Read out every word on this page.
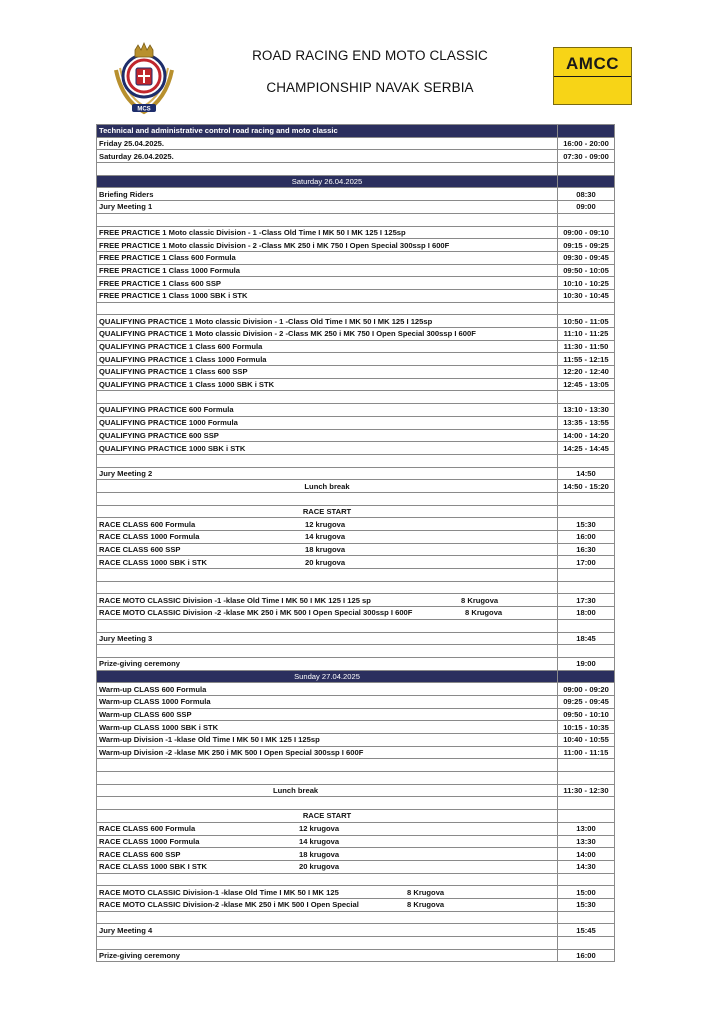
MCS
ROAD RACING END MOTO CLASSIC
CHAMPIONSHIP NAVAK SERBIA
AMCC
Technical and administrative control road racing and moto classic	
Friday 25.04.2025.	16:00 - 20:00
Saturday 26.04.2025.	07:30 - 09:00

Saturday 26.04.2025	
Briefing Riders	08:30
Jury Meeting 1	09:00

FREE PRACTICE 1 Moto classic Division - 1 -Class Old Time I MK 50 I MK 125 I 125sp	09:00 - 09:10
FREE PRACTICE 1 Moto classic Division - 2 -Class MK 250 i MK 750 I Open Special 300ssp I 600F	09:15 - 09:25
FREE PRACTICE 1 Class 600 Formula	09:30 - 09:45
FREE PRACTICE 1 Class 1000 Formula	09:50 - 10:05
FREE PRACTICE 1 Class 600 SSP	10:10 - 10:25
FREE PRACTICE 1 Class 1000 SBK i STK	10:30 - 10:45

QUALIFYING PRACTICE 1 Moto classic Division - 1 -Class Old Time I MK 50 I MK 125 I 125sp	10:50 - 11:05
QUALIFYING PRACTICE 1 Moto classic Division - 2 -Class MK 250 i MK 750 I Open Special 300ssp I 600F	11:10 - 11:25
QUALIFYING PRACTICE 1 Class 600 Formula	11:30 - 11:50
QUALIFYING PRACTICE 1 Class 1000 Formula	11:55 - 12:15
QUALIFYING PRACTICE 1 Class 600 SSP	12:20 - 12:40
QUALIFYING PRACTICE 1 Class 1000 SBK i STK	12:45 - 13:05

QUALIFYING PRACTICE 600 Formula	13:10 - 13:30
QUALIFYING PRACTICE 1000 Formula	13:35 - 13:55
QUALIFYING PRACTICE 600 SSP	14:00 - 14:20
QUALIFYING PRACTICE 1000 SBK i STK	14:25 - 14:45

Jury Meeting 2	14:50
Lunch break	14:50 - 15:20

RACE START	

RACE CLASS 600 Formula 12 krugova	15:30

RACE CLASS 1000 Formula 14 krugova	16:00

RACE CLASS 600 SSP 18 krugova	16:30

RACE CLASS 1000 SBK i STK 20 krugova	17:00

RACE MOTO CLASSIC Division -1 -klase Old Time I MK 50 I MK 125 I 125 sp 8 Krugova	17:30

RACE MOTO CLASSIC Division -2 -klase MK 250 i MK 500 I Open Special 300ssp I 600F 8 Krugova	18:00

Jury Meeting 3	18:45

Prize-giving ceremony	19:00
Sunday 27.04.2025	
Warm-up CLASS 600 Formula	09:00 - 09:20
Warm-up CLASS 1000 Formula	09:25 - 09:45
Warm-up CLASS 600 SSP	09:50 - 10:10
Warm-up CLASS 1000 SBK i STK	10:15 - 10:35
Warm-up Division -1 -klase Old Time I MK 50 I MK 125 I 125sp	10:40 - 10:55
Warm-up Division -2 -klase MK 250 i MK 500 I Open Special 300ssp I 600F	11:00 - 11:15

Lunch break	11:30 - 12:30

RACE START	

RACE CLASS 600 Formula 12 krugova	13:00

RACE CLASS 1000 Formula 14 krugova	13:30

RACE CLASS 600 SSP 18 krugova	14:00

RACE CLASS 1000 SBK I STK 20 krugova	14:30

RACE MOTO CLASSIC Division-1 -klase Old Time I MK 50 I MK 125 8 Krugova	15:00

RACE MOTO CLASSIC Division-2 -klase MK 250 i MK 500 I Open Special 8 Krugova	15:30

Jury Meeting 4	15:45

Prize-giving ceremony	16:00
